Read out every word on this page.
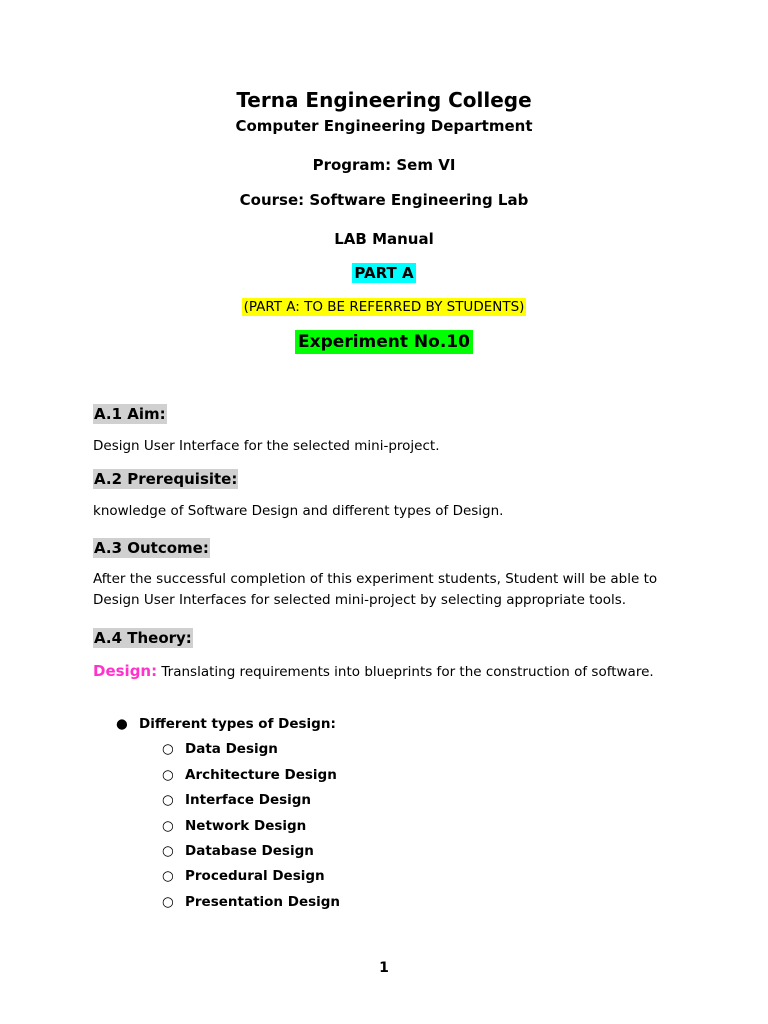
Terna Engineering College
Computer Engineering Department
Program: Sem VI
Course: Software Engineering Lab
LAB Manual
PART A
(PART A: TO BE REFERRED BY STUDENTS)
Experiment No.10
A.1 Aim:
Design User Interface for the selected mini-project.
A.2 Prerequisite:
knowledge of Software Design and different types of Design.
A.3 Outcome:
After the successful completion of this experiment students, Student will be able to
Design User Interfaces for selected mini-project by selecting appropriate tools.
A.4 Theory:
Design: Translating requirements into blueprints for the construction of software.
● Different types of Design:
○ Data Design
○ Architecture Design
○ Interface Design
○ Network Design
○ Database Design
○ Procedural Design
○ Presentation Design
1
